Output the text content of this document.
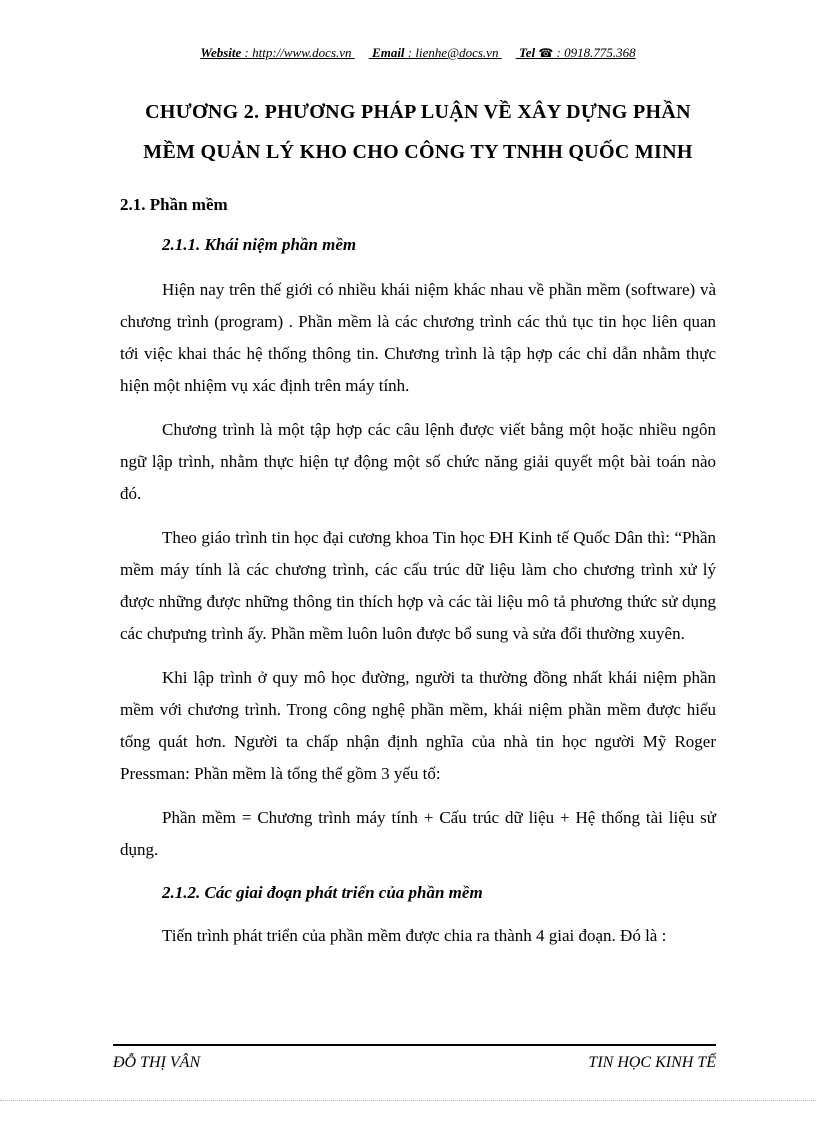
Website : http://www.docs.vn Email : lienhe@docs.vn Tel ☎ : 0918.775.368
CHƯƠNG 2. PHƯƠNG PHÁP LUẬN VỀ XÂY DỰNG PHẦN
MỀM QUẢN LÝ KHO CHO CÔNG TY TNHH QUỐC MINH
2.1. Phần mềm
2.1.1. Khái niệm phần mềm

Hiện nay trên thế giới có nhiều khái niệm khác nhau về phần mềm (software) và chương trình (program) . Phần mềm là các chương trình các thủ tục tin học liên quan tới việc khai thác hệ thống thông tin. Chương trình là tập hợp các chỉ dẫn nhằm thực hiện một nhiệm vụ xác định trên máy tính.

Chương trình là một tập hợp các câu lệnh được viết bằng một hoặc nhiều ngôn ngữ lập trình, nhằm thực hiện tự động một số chức năng giải quyết một bài toán nào đó.

Theo giáo trình tin học đại cương khoa Tin học ĐH Kinh tế Quốc Dân thì: “Phần mềm máy tính là các chương trình, các cấu trúc dữ liệu làm cho chương trình xử lý được những được những thông tin thích hợp và các tài liệu mô tả phương thức sử dụng các chưpưng trình ấy. Phần mềm luôn luôn được bổ sung và sửa đổi thường xuyên.

Khi lập trình ở quy mô học đường, người ta thường đồng nhất khái niệm phần mềm với chương trình. Trong công nghệ phần mềm, khái niệm phần mềm được hiểu tổng quát hơn. Người ta chấp nhận định nghĩa của nhà tin học người Mỹ Roger Pressman: Phần mềm là tổng thể gồm 3 yếu tố:

Phần mềm = Chương trình máy tính + Cấu trúc dữ liệu + Hệ thống tài liệu sử dụng.

2.1.2. Các giai đoạn phát triển của phần mềm

Tiến trình phát triển của phần mềm được chia ra thành 4 giai đoạn. Đó là :

ĐỖ THỊ VÂN	TIN HỌC KINH TẾ
